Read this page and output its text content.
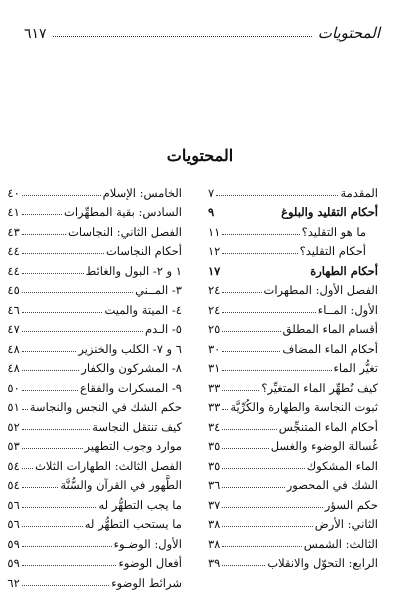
المحتويات
٦١٧
المحتويات
المقدمة
٧
أحكام التقليد والبلوغ
٩
ما هو التقليد؟
١١
أحكام التقليد؟
١٢
أحكام الطهارة
١٧
الفصل الأول: المطهرات
٢٤
الأول: المــاء
٢٤
أقسام الماء المطلق
٢٥
أحكام الماء المضاف
٣٠
تغيُّر الماء
٣١
كيف نُطهِّر الماء المتغيِّر؟
٣٣
ثبوت النجاسة والطهارة والكُرِّيَّة
٣٣
أحكام الماء المتنجِّس
٣٤
غُسالة الوضوء والغسل
٣٥
الماء المشكوك
٣٥
الشك في المحصور
٣٦
حكم السؤر
٣٧
الثاني: الأرض
٣٨
الثالث: الشمس
٣٨
الرابع: التحوّل والانقلاب
٣٩
الخامس: الإسلام
٤٠
السادس: بقية المطهِّرات
٤١
الفصل الثاني: النجاسات
٤٣
أحكام النجاسات
٤٤
١ و ٢- البول والغائط
٤٤
٣- المــني
٤٥
٤- الميتة والميت
٤٦
٥- الـدم
٤٧
٦ و ٧- الكلب والخنزير
٤٨
٨- المشركون والكفار
٤٨
٩- المسكرات والفقاع
٥٠
حكم الشك في النجس والنجاسة
٥١
كيف تنتقل النجاسة
٥٢
موارد وجوب التطهير
٥٣
الفصل الثالث: الطهارات الثلاث
٥٤
الطَّهور في القرآن والسُّنَّة
٥٤
ما يجب التطهُّر له
٥٦
ما يستحب التطهُّر له
٥٦
الأول: الوضـوء
٥٩
أفعال الوضوء
٥٩
شرائط الوضوء
٦٢
